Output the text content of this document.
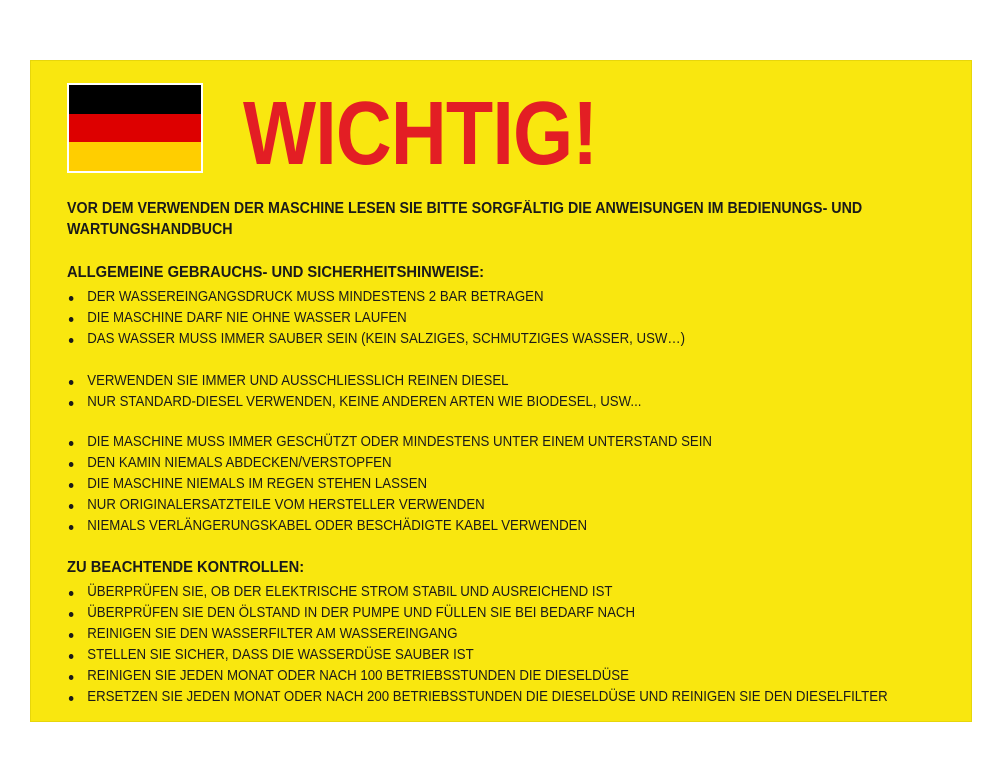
WICHTIG!
VOR DEM VERWENDEN DER MASCHINE LESEN SIE BITTE SORGFÄLTIG DIE ANWEISUNGEN IM BEDIENUNGS- UND WARTUNGSHANDBUCH
ALLGEMEINE GEBRAUCHS- UND SICHERHEITSHINWEISE:
DER WASSEREINGANGSDRUCK MUSS MINDESTENS 2 BAR BETRAGEN
DIE MASCHINE DARF NIE OHNE WASSER LAUFEN
DAS WASSER MUSS IMMER SAUBER SEIN (KEIN SALZIGES, SCHMUTZIGES WASSER, USW…)
VERWENDEN SIE IMMER UND AUSSCHLIESSLICH REINEN DIESEL
NUR STANDARD-DIESEL VERWENDEN, KEINE ANDEREN ARTEN WIE BIODESEL, USW...
DIE MASCHINE MUSS IMMER GESCHÜTZT ODER MINDESTENS UNTER EINEM UNTERSTAND SEIN
DEN KAMIN NIEMALS ABDECKEN/VERSTOPFEN
DIE MASCHINE NIEMALS IM REGEN STEHEN LASSEN
NUR ORIGINALERSATZTEILE VOM HERSTELLER VERWENDEN
NIEMALS VERLÄNGERUNGSKABEL ODER BESCHÄDIGTE KABEL VERWENDEN
ZU BEACHTENDE KONTROLLEN:
ÜBERPRÜFEN SIE, OB DER ELEKTRISCHE STROM STABIL UND AUSREICHEND IST
ÜBERPRÜFEN SIE DEN ÖLSTAND IN DER PUMPE UND FÜLLEN SIE BEI BEDARF NACH
REINIGEN SIE DEN WASSERFILTER AM WASSEREINGANG
STELLEN SIE SICHER, DASS DIE WASSERDÜSE SAUBER IST
REINIGEN SIE JEDEN MONAT ODER NACH 100 BETRIEBSSTUNDEN DIE DIESELDÜSE
ERSETZEN SIE JEDEN MONAT ODER NACH 200 BETRIEBSSTUNDEN DIE DIESELDÜSE UND REINIGEN SIE DEN DIESELFILTER
